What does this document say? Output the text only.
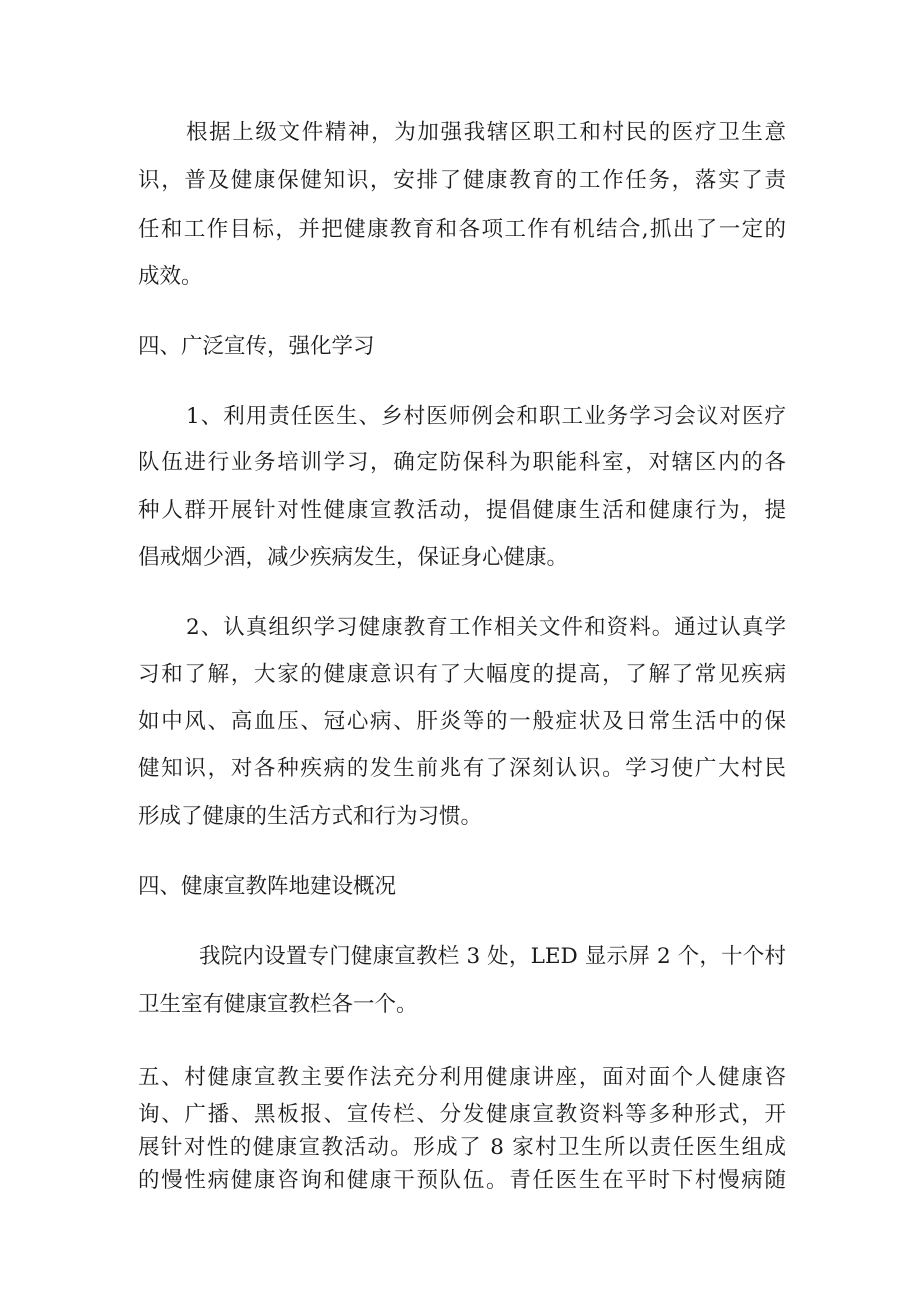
根据上级文件精神，为加强我辖区职工和村民的医疗卫生意
识，普及健康保健知识，安排了健康教育的工作任务，落实了责
任和工作目标，并把健康教育和各项工作有机结合,抓出了一定的
成效。
四、广泛宣传，强化学习
1、利用责任医生、乡村医师例会和职工业务学习会议对医疗
队伍进行业务培训学习，确定防保科为职能科室，对辖区内的各
种人群开展针对性健康宣教活动，提倡健康生活和健康行为，提
倡戒烟少酒，减少疾病发生，保证身心健康。
2、认真组织学习健康教育工作相关文件和资料。通过认真学
习和了解，大家的健康意识有了大幅度的提高，了解了常见疾病
如中风、高血压、冠心病、肝炎等的一般症状及日常生活中的保
健知识，对各种疾病的发生前兆有了深刻认识。学习使广大村民
形成了健康的生活方式和行为习惯。
四、健康宣教阵地建设概况
我院内设置专门健康宣教栏 3 处，LED 显示屏 2 个，十个村
卫生室有健康宣教栏各一个。
五、村健康宣教主要作法充分利用健康讲座，面对面个人健康咨
询、广播、黑板报、宣传栏、分发健康宣教资料等多种形式，开
展针对性的健康宣教活动。形成了 8 家村卫生所以责任医生组成
的慢性病健康咨询和健康干预队伍。青任医生在平时下村慢病随
